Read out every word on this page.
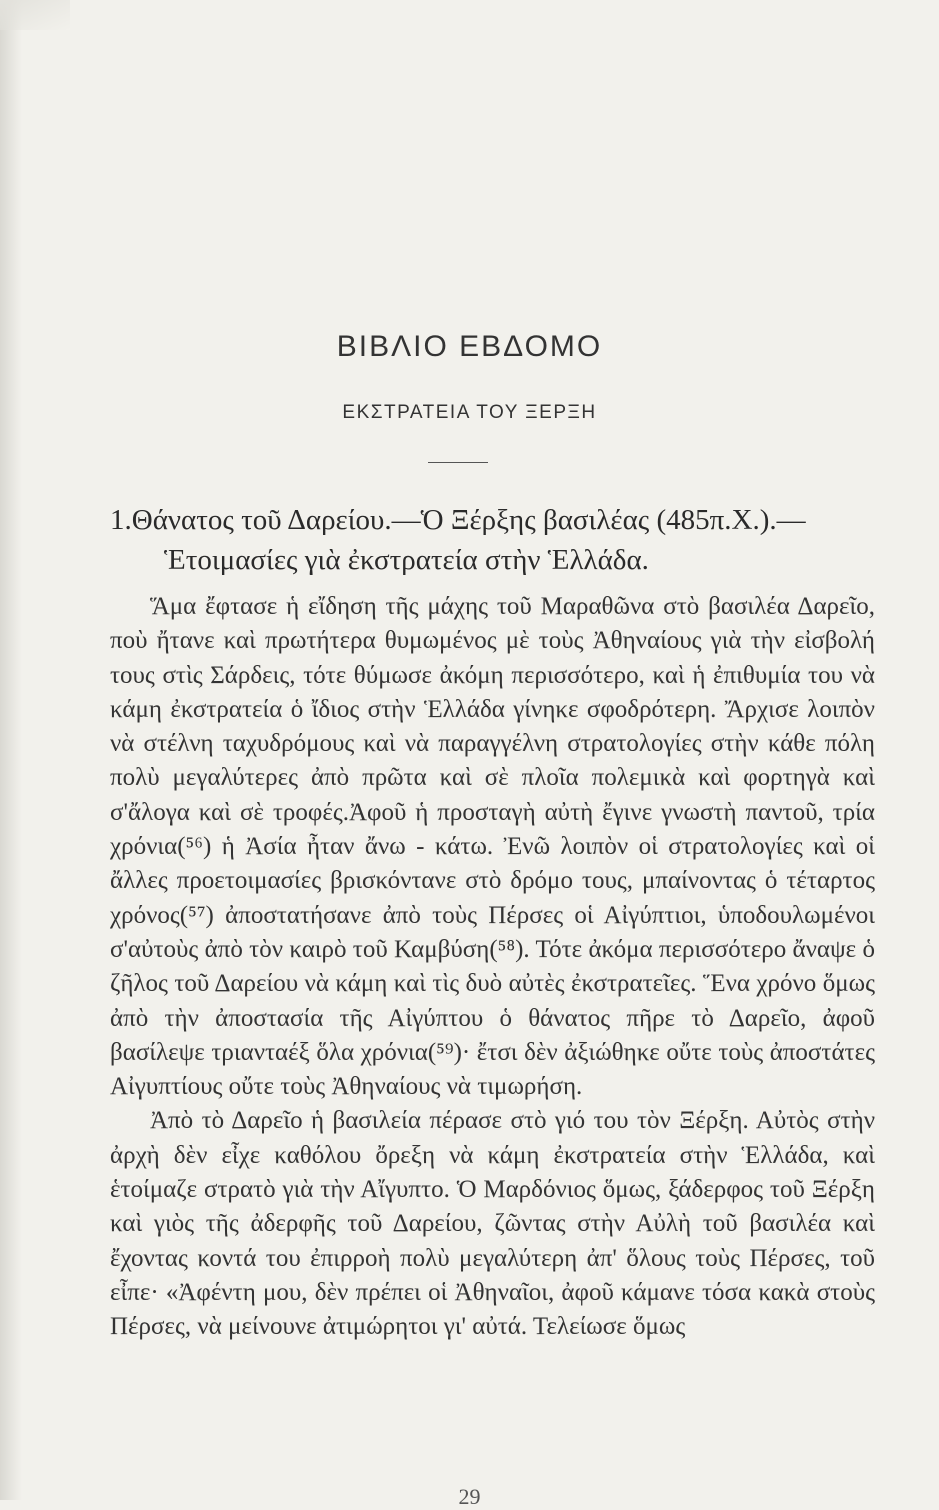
ΒΙΒΛΙΟ ΕΒΔΟΜΟ
ΕΚΣΤΡΑΤΕΙΑ ΤΟΥ ΞΕΡΞΗ
1.Θάνατος τοῦ Δαρείου.—Ὁ Ξέρξης βασιλέας (485π.Χ.).—
Ἑτοιμασίες γιὰ ἐκστρατεία στὴν Ἑλλάδα.

Ἅμα ἔφτασε ἡ εἴδηση τῆς μάχης τοῦ Μαραθῶνα στὸ βασιλέα Δαρεῖο, ποὺ ἤτανε καὶ πρωτήτερα θυμωμένος μὲ τοὺς Ἀθηναίους γιὰ τὴν εἰσβολή τους στὶς Σάρδεις, τότε θύμωσε ἀκόμη περισσότερο, καὶ ἡ ἐπιθυμία του νὰ κάμη ἐκστρατεία ὁ ἴδιος στὴν Ἑλλάδα γίνηκε σφοδρότερη. Ἄρχισε λοιπὸν νὰ στέλνη ταχυδρόμους καὶ νὰ παραγγέλνη στρατολογίες στὴν κάθε πόλη πολὺ μεγαλύτερες ἀπὸ πρῶτα καὶ σὲ πλοῖα πολεμικὰ καὶ φορτηγὰ καὶ σ'ἄλογα καὶ σὲ τροφές.Ἀφοῦ ἡ προσταγὴ αὐτὴ ἔγινε γνωστὴ παντοῦ, τρία χρόνια(⁵⁶) ἡ Ἀσία ἦταν ἄνω - κάτω. Ἐνῶ λοιπὸν οἱ στρατολογίες καὶ οἱ ἄλλες προετοιμασίες βρισκόντανε στὸ δρόμο τους, μπαίνοντας ὁ τέταρτος χρόνος(⁵⁷) ἀποστατήσανε ἀπὸ τοὺς Πέρσες οἱ Αἰγύπτιοι, ὑποδουλωμένοι σ'αὐτοὺς ἀπὸ τὸν καιρὸ τοῦ Καμβύση(⁵⁸). Τότε ἀκόμα περισσότερο ἄναψε ὁ ζῆλος τοῦ Δαρείου νὰ κάμη καὶ τὶς δυὸ αὐτὲς ἐκστρατεῖες. Ἕνα χρόνο ὅμως ἀπὸ τὴν ἀποστασία τῆς Αἰγύπτου ὁ θάνατος πῆρε τὸ Δαρεῖο, ἀφοῦ βασίλεψε τριανταέξ ὅλα χρόνια(⁵⁹)· ἔτσι δὲν ἀξιώθηκε οὔτε τοὺς ἀποστάτες Αἰγυπτίους οὔτε τοὺς Ἀθηναίους νὰ τιμωρήση.

Ἀπὸ τὸ Δαρεῖο ἡ βασιλεία πέρασε στὸ γιό του τὸν Ξέρξη. Αὐτὸς στὴν ἀρχὴ δὲν εἶχε καθόλου ὄρεξη νὰ κάμη ἐκστρατεία στὴν Ἑλλάδα, καὶ ἑτοίμαζε στρατὸ γιὰ τὴν Αἴγυπτο. Ὁ Μαρδόνιος ὅμως, ξάδερφος τοῦ Ξέρξη καὶ γιὸς τῆς ἀδερφῆς τοῦ Δαρείου, ζῶντας στὴν Αὐλὴ τοῦ βασιλέα καὶ ἔχοντας κοντά του ἐπιρροὴ πολὺ μεγαλύτερη ἀπ' ὅλους τοὺς Πέρσες, τοῦ εἶπε· «Ἀφέντη μου, δὲν πρέπει οἱ Ἀθηναῖοι, ἀφοῦ κάμανε τόσα κακὰ στοὺς Πέρσες, νὰ μείνουνε ἀτιμώρητοι γι' αὐτά. Τελείωσε ὅμως

29
